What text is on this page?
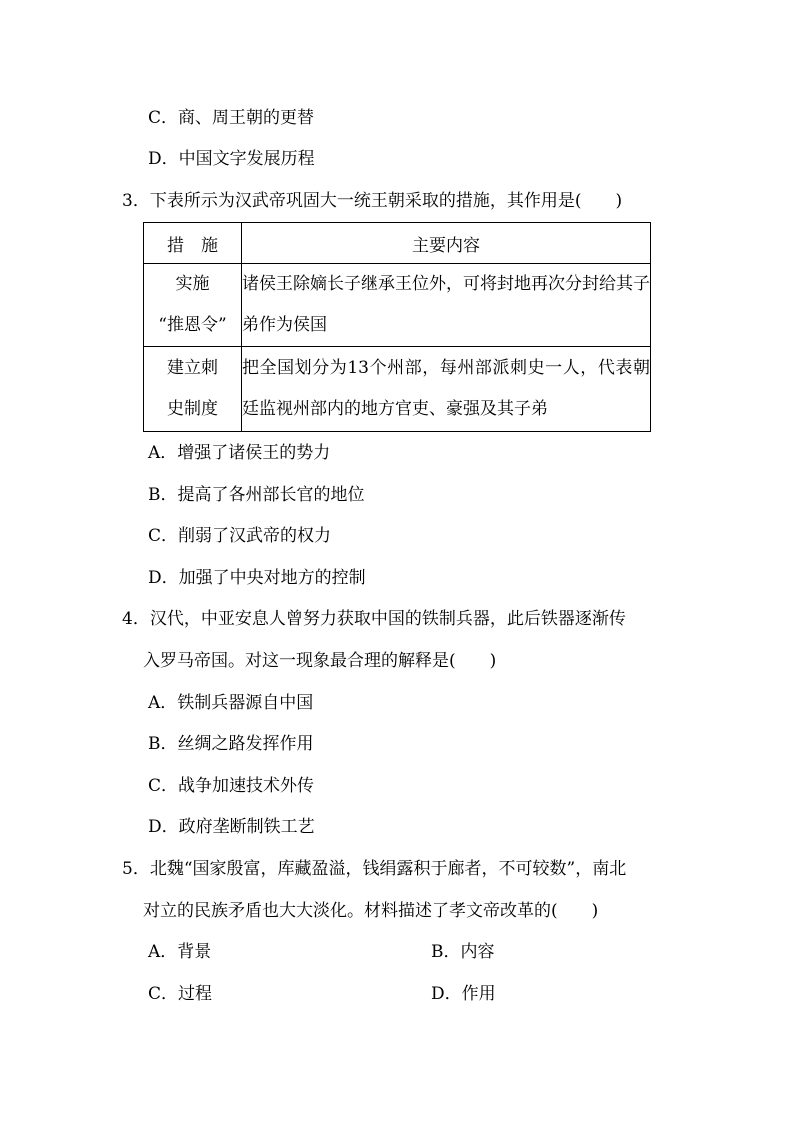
C．商、周王朝的更替
D．中国文字发展历程
3．下表所示为汉武帝巩固大一统王朝采取的措施，其作用是(　　)
措　施	主要内容

实施
“推恩令”	诸侯王除嫡长子继承王位外，可将封地再次分封给其子弟作为侯国

建立刺
史制度	把全国划分为13个州部，每州部派刺史一人，代表朝廷监视州部内的地方官吏、豪强及其子弟
A．增强了诸侯王的势力
B．提高了各州部长官的地位
C．削弱了汉武帝的权力
D．加强了中央对地方的控制
4．汉代，中亚安息人曾努力获取中国的铁制兵器，此后铁器逐渐传
入罗马帝国。对这一现象最合理的解释是(　　)
A．铁制兵器源自中国
B．丝绸之路发挥作用
C．战争加速技术外传
D．政府垄断制铁工艺
5．北魏“国家殷富，库藏盈溢，钱绢露积于廊者，不可较数”，南北
对立的民族矛盾也大大淡化。材料描述了孝文帝改革的(　　)
A．背景	B．内容
C．过程	D．作用
